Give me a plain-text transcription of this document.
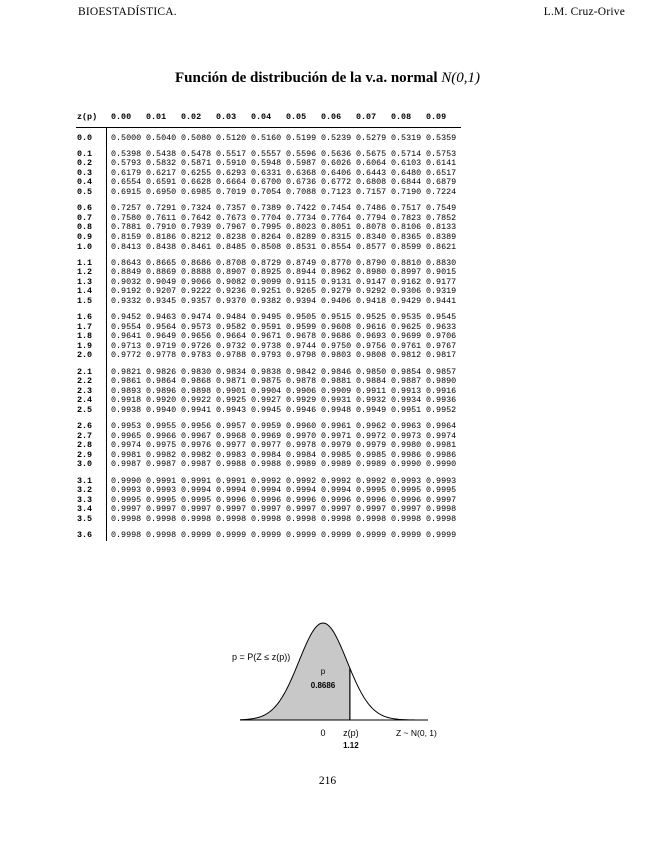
BIOESTADÍSTICA.	L.M. Cruz-Orive
Función de distribución de la v.a. normal N(0,1)
z(p)	0.00	0.01	0.02	0.03	0.04	0.05	0.06	0.07	0.08	0.09
0.0	0.5000 0.5040 0.5080 0.5120 0.5160 0.5199 0.5239 0.5279 0.5319 0.5359
0.1	0.5398 0.5438 0.5478 0.5517 0.5557 0.5596 0.5636 0.5675 0.5714 0.5753
0.2	0.5793 0.5832 0.5871 0.5910 0.5948 0.5987 0.6026 0.6064 0.6103 0.6141
0.3	0.6179 0.6217 0.6255 0.6293 0.6331 0.6368 0.6406 0.6443 0.6480 0.6517
0.4	0.6554 0.6591 0.6628 0.6664 0.6700 0.6736 0.6772 0.6808 0.6844 0.6879
0.5	0.6915 0.6950 0.6985 0.7019 0.7054 0.7088 0.7123 0.7157 0.7190 0.7224
0.6	0.7257 0.7291 0.7324 0.7357 0.7389 0.7422 0.7454 0.7486 0.7517 0.7549
0.7	0.7580 0.7611 0.7642 0.7673 0.7704 0.7734 0.7764 0.7794 0.7823 0.7852
0.8	0.7881 0.7910 0.7939 0.7967 0.7995 0.8023 0.8051 0.8078 0.8106 0.8133
0.9	0.8159 0.8186 0.8212 0.8238 0.8264 0.8289 0.8315 0.8340 0.8365 0.8389
1.0	0.8413 0.8438 0.8461 0.8485 0.8508 0.8531 0.8554 0.8577 0.8599 0.8621
1.1	0.8643 0.8665 0.8686 0.8708 0.8729 0.8749 0.8770 0.8790 0.8810 0.8830
1.2	0.8849 0.8869 0.8888 0.8907 0.8925 0.8944 0.8962 0.8980 0.8997 0.9015
1.3	0.9032 0.9049 0.9066 0.9082 0.9099 0.9115 0.9131 0.9147 0.9162 0.9177
1.4	0.9192 0.9207 0.9222 0.9236 0.9251 0.9265 0.9279 0.9292 0.9306 0.9319
1.5	0.9332 0.9345 0.9357 0.9370 0.9382 0.9394 0.9406 0.9418 0.9429 0.9441
1.6	0.9452 0.9463 0.9474 0.9484 0.9495 0.9505 0.9515 0.9525 0.9535 0.9545
1.7	0.9554 0.9564 0.9573 0.9582 0.9591 0.9599 0.9608 0.9616 0.9625 0.9633
1.8	0.9641 0.9649 0.9656 0.9664 0.9671 0.9678 0.9686 0.9693 0.9699 0.9706
1.9	0.9713 0.9719 0.9726 0.9732 0.9738 0.9744 0.9750 0.9756 0.9761 0.9767
2.0	0.9772 0.9778 0.9783 0.9788 0.9793 0.9798 0.9803 0.9808 0.9812 0.9817
2.1	0.9821 0.9826 0.9830 0.9834 0.9838 0.9842 0.9846 0.9850 0.9854 0.9857
2.2	0.9861 0.9864 0.9868 0.9871 0.9875 0.9878 0.9881 0.9884 0.9887 0.9890
2.3	0.9893 0.9896 0.9898 0.9901 0.9904 0.9906 0.9909 0.9911 0.9913 0.9916
2.4	0.9918 0.9920 0.9922 0.9925 0.9927 0.9929 0.9931 0.9932 0.9934 0.9936
2.5	0.9938 0.9940 0.9941 0.9943 0.9945 0.9946 0.9948 0.9949 0.9951 0.9952
2.6	0.9953 0.9955 0.9956 0.9957 0.9959 0.9960 0.9961 0.9962 0.9963 0.9964
2.7	0.9965 0.9966 0.9967 0.9968 0.9969 0.9970 0.9971 0.9972 0.9973 0.9974
2.8	0.9974 0.9975 0.9976 0.9977 0.9977 0.9978 0.9979 0.9979 0.9980 0.9981
2.9	0.9981 0.9982 0.9982 0.9983 0.9984 0.9984 0.9985 0.9985 0.9986 0.9986
3.0	0.9987 0.9987 0.9987 0.9988 0.9988 0.9989 0.9989 0.9989 0.9990 0.9990
3.1	0.9990 0.9991 0.9991 0.9991 0.9992 0.9992 0.9992 0.9992 0.9993 0.9993
3.2	0.9993 0.9993 0.9994 0.9994 0.9994 0.9994 0.9994 0.9995 0.9995 0.9995
3.3	0.9995 0.9995 0.9995 0.9996 0.9996 0.9996 0.9996 0.9996 0.9996 0.9997
3.4	0.9997 0.9997 0.9997 0.9997 0.9997 0.9997 0.9997 0.9997 0.9997 0.9998
3.5	0.9998 0.9998 0.9998 0.9998 0.9998 0.9998 0.9998 0.9998 0.9998 0.9998
3.6	0.9998 0.9998 0.9999 0.9999 0.9999 0.9999 0.9999 0.9999 0.9999 0.9999
p = P(Z ≤ z(p))
p
0.8686
0 z(p)
1.12
Z ~ N(0, 1)
216
